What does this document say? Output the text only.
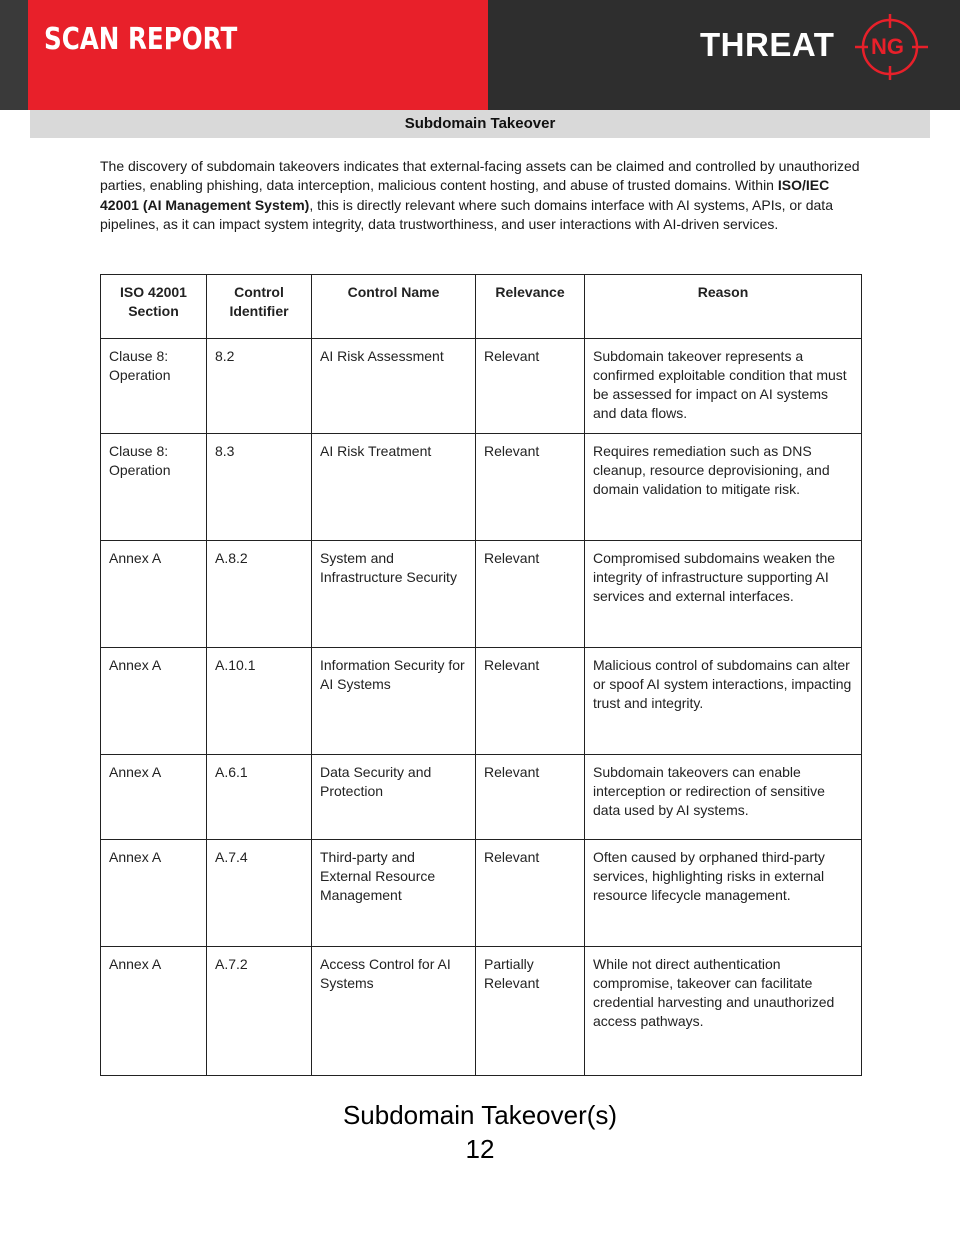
SCAN REPORT	THREAT NG
Subdomain Takeover

The discovery of subdomain takeovers indicates that external-facing assets can be claimed and controlled by unauthorized parties, enabling phishing, data interception, malicious content hosting, and abuse of trusted domains. Within ISO/IEC 42001 (AI Management System), this is directly relevant where such domains interface with AI systems, APIs, or data pipelines, as it can impact system integrity, data trustworthiness, and user interactions with AI-driven services.

ISO 42001 Section	Control Identifier	Control Name	Relevance	Reason
Clause 8: Operation	8.2	AI Risk Assessment	Relevant	Subdomain takeover represents a confirmed exploitable condition that must be assessed for impact on AI systems and data flows.
Clause 8: Operation	8.3	AI Risk Treatment	Relevant	Requires remediation such as DNS cleanup, resource deprovisioning, and domain validation to mitigate risk.
Annex A	A.8.2	System and Infrastructure Security	Relevant	Compromised subdomains weaken the integrity of infrastructure supporting AI services and external interfaces.
Annex A	A.10.1	Information Security for AI Systems	Relevant	Malicious control of subdomains can alter or spoof AI system interactions, impacting trust and integrity.
Annex A	A.6.1	Data Security and Protection	Relevant	Subdomain takeovers can enable interception or redirection of sensitive data used by AI systems.
Annex A	A.7.4	Third-party and External Resource Management	Relevant	Often caused by orphaned third-party services, highlighting risks in external resource lifecycle management.
Annex A	A.7.2	Access Control for AI Systems	Partially Relevant	While not direct authentication compromise, takeover can facilitate credential harvesting and unauthorized access pathways.
Subdomain Takeover(s)
12
